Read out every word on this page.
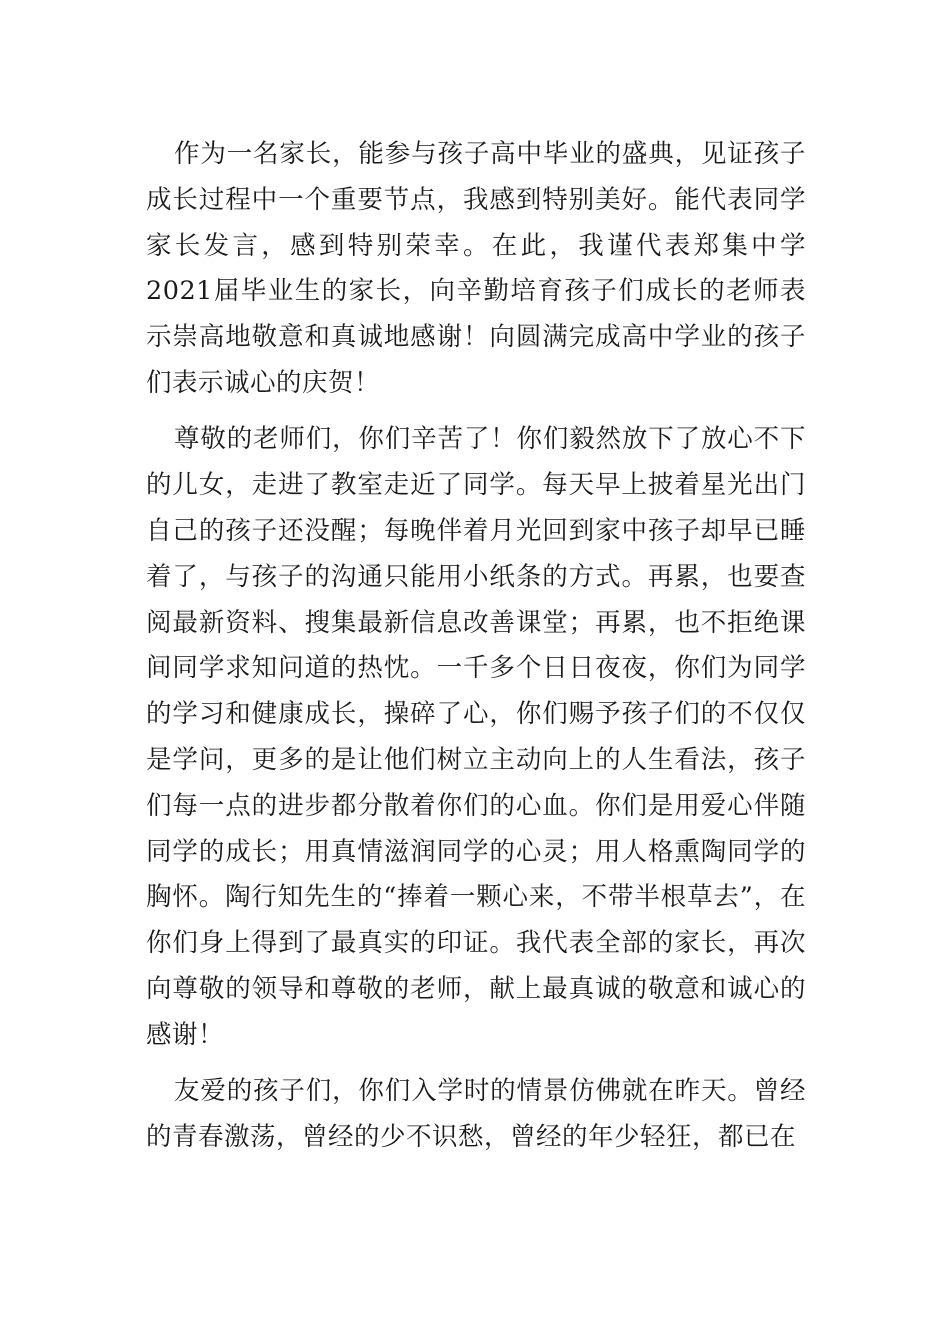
作为一名家长，能参与孩子高中毕业的盛典，见证孩子成长过程中一个重要节点，我感到特别美好。能代表同学家长发言，感到特别荣幸。在此，我谨代表郑集中学2021届毕业生的家长，向辛勤培育孩子们成长的老师表示崇高地敬意和真诚地感谢！向圆满完成高中学业的孩子们表示诚心的庆贺！

尊敬的老师们，你们辛苦了！你们毅然放下了放心不下的儿女，走进了教室走近了同学。每天早上披着星光出门自己的孩子还没醒；每晚伴着月光回到家中孩子却早已睡着了，与孩子的沟通只能用小纸条的方式。再累，也要查阅最新资料、搜集最新信息改善课堂；再累，也不拒绝课间同学求知问道的热忱。一千多个日日夜夜，你们为同学的学习和健康成长，操碎了心，你们赐予孩子们的不仅仅是学问，更多的是让他们树立主动向上的人生看法，孩子们每一点的进步都分散着你们的心血。你们是用爱心伴随同学的成长；用真情滋润同学的心灵；用人格熏陶同学的胸怀。陶行知先生的“捧着一颗心来，不带半根草去”，在你们身上得到了最真实的印证。我代表全部的家长，再次向尊敬的领导和尊敬的老师，献上最真诚的敬意和诚心的感谢！

友爱的孩子们，你们入学时的情景仿佛就在昨天。曾经的青春激荡，曾经的少不识愁，曾经的年少轻狂，都已在
